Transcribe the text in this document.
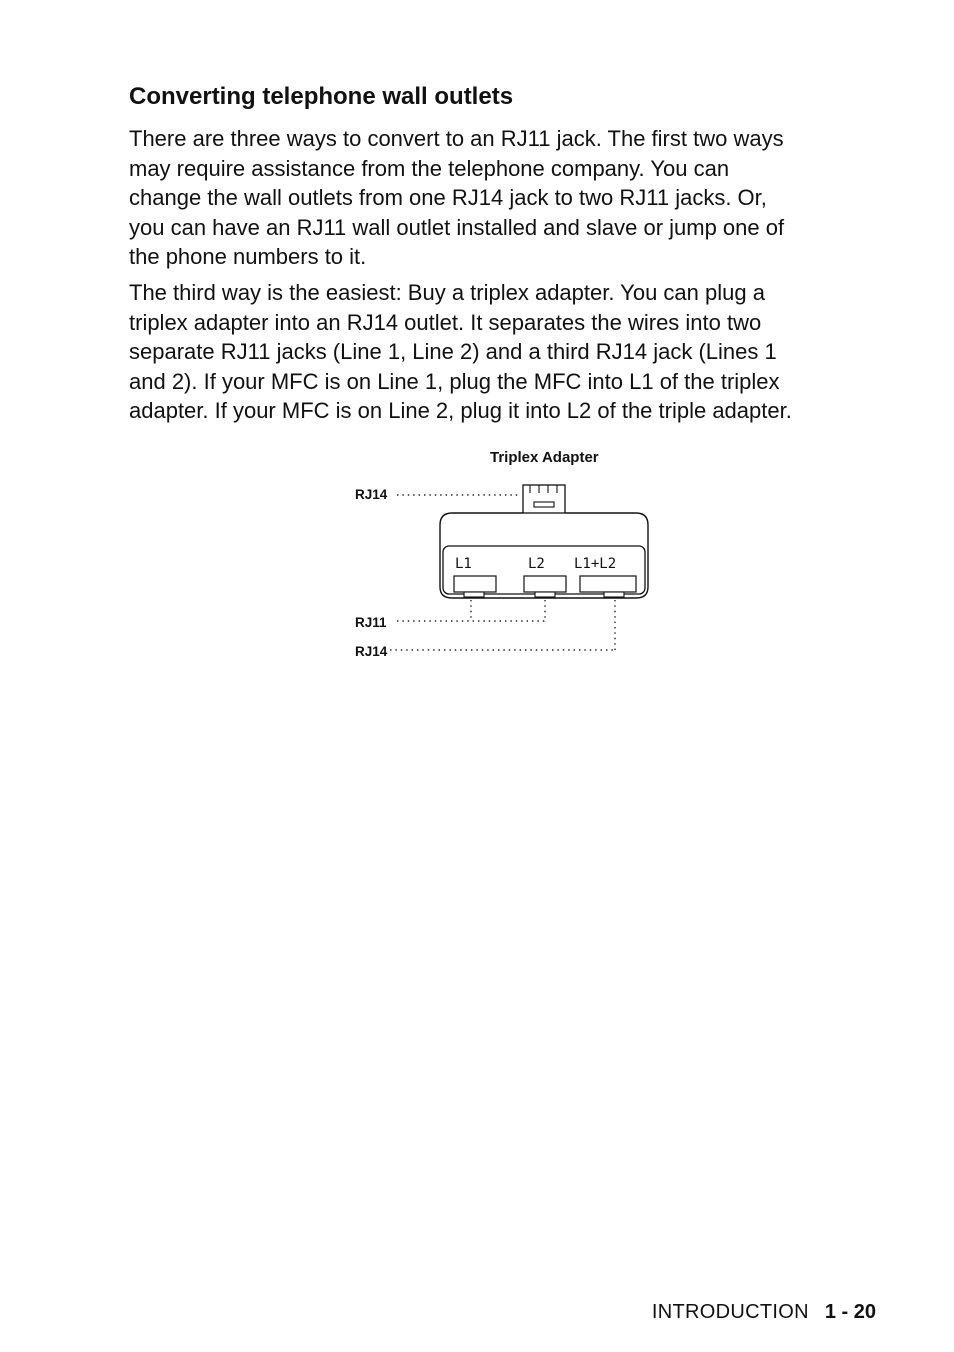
Converting telephone wall outlets

There are three ways to convert to an RJ11 jack. The first two ways
may require assistance from the telephone company. You can
change the wall outlets from one RJ14 jack to two RJ11 jacks. Or,
you can have an RJ11 wall outlet installed and slave or jump one of
the phone numbers to it.

The third way is the easiest: Buy a triplex adapter. You can plug a
triplex adapter into an RJ14 outlet. It separates the wires into two
separate RJ11 jacks (Line 1, Line 2) and a third RJ14 jack (Lines 1
and 2). If your MFC is on Line 1, plug the MFC into L1 of the triplex
adapter. If your MFC is on Line 2, plug it into L2 of the triple adapter.

Triplex Adapter
RJ14
L1	L2 L1+L2
RJ11
RJ14
INTRODUCTION 1 - 20
